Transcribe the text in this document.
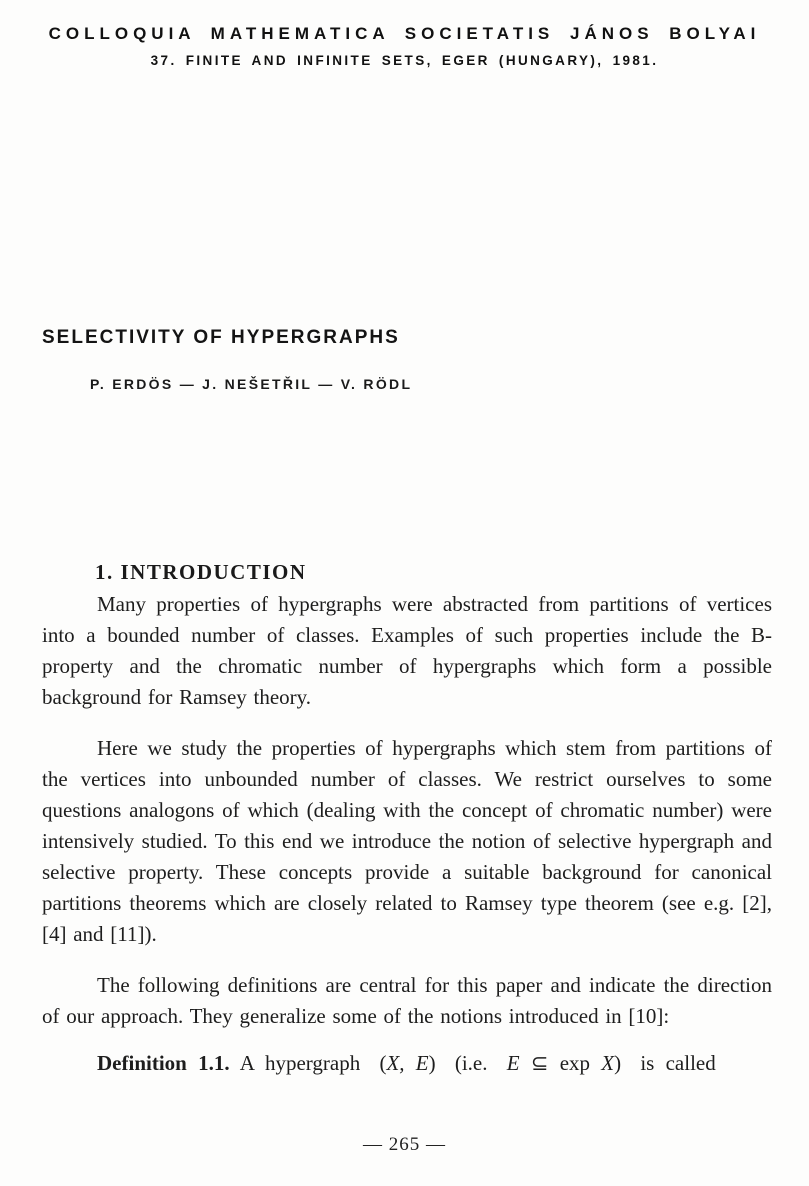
COLLOQUIA MATHEMATICA SOCIETATIS JÁNOS BOLYAI
37. FINITE AND INFINITE SETS, EGER (HUNGARY), 1981.
SELECTIVITY OF HYPERGRAPHS
P. ERDÖS — J. NEŠETŘIL — V. RÖDL
1. INTRODUCTION

Many properties of hypergraphs were abstracted from partitions of vertices into a bounded number of classes. Examples of such properties include the B-property and the chromatic number of hypergraphs which form a possible background for Ramsey theory.

Here we study the properties of hypergraphs which stem from partitions of the vertices into unbounded number of classes. We restrict ourselves to some questions analogons of which (dealing with the concept of chromatic number) were intensively studied. To this end we introduce the notion of selective hypergraph and selective property. These concepts provide a suitable background for canonical partitions theorems which are closely related to Ramsey type theorem (see e.g. [2], [4] and [11]).

The following definitions are central for this paper and indicate the direction of our approach. They generalize some of the notions introduced in [10]:

Definition 1.1. A hypergraph (X, E) (i.e. E ⊆ exp X) is called

— 265 —
